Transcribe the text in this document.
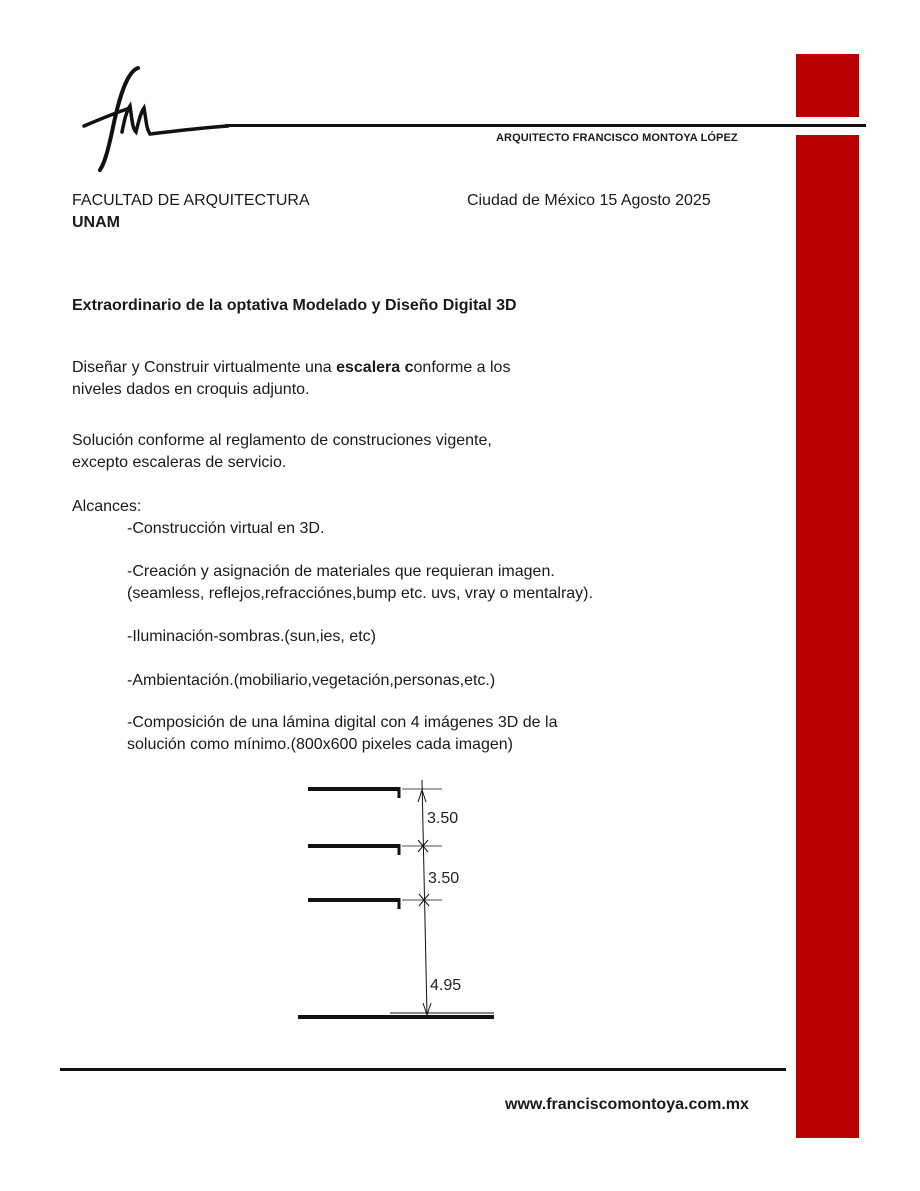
ARQUITECTO FRANCISCO MONTOYA LÓPEZ
FACULTAD DE ARQUITECTURA
UNAM
Ciudad de México 15 Agosto 2025
Extraordinario de la optativa Modelado y Diseño Digital 3D
Diseñar y Construir virtualmente una escalera conforme a los
niveles dados en croquis adjunto.
Solución conforme al reglamento de construciones vigente,
excepto escaleras de servicio.
Alcances:
-Construcción virtual en 3D.
-Creación y asignación de materiales que requieran imagen.
(seamless, reflejos,refracciónes,bump etc. uvs, vray o mentalray).
-Iluminación-sombras.(sun,ies, etc)
-Ambientación.(mobiliario,vegetación,personas,etc.)
-Composición de una lámina digital con 4 imágenes 3D de la
solución como mínimo.(800x600 pixeles cada imagen)
3.50
3.50
4.95
www.franciscomontoya.com.mx
